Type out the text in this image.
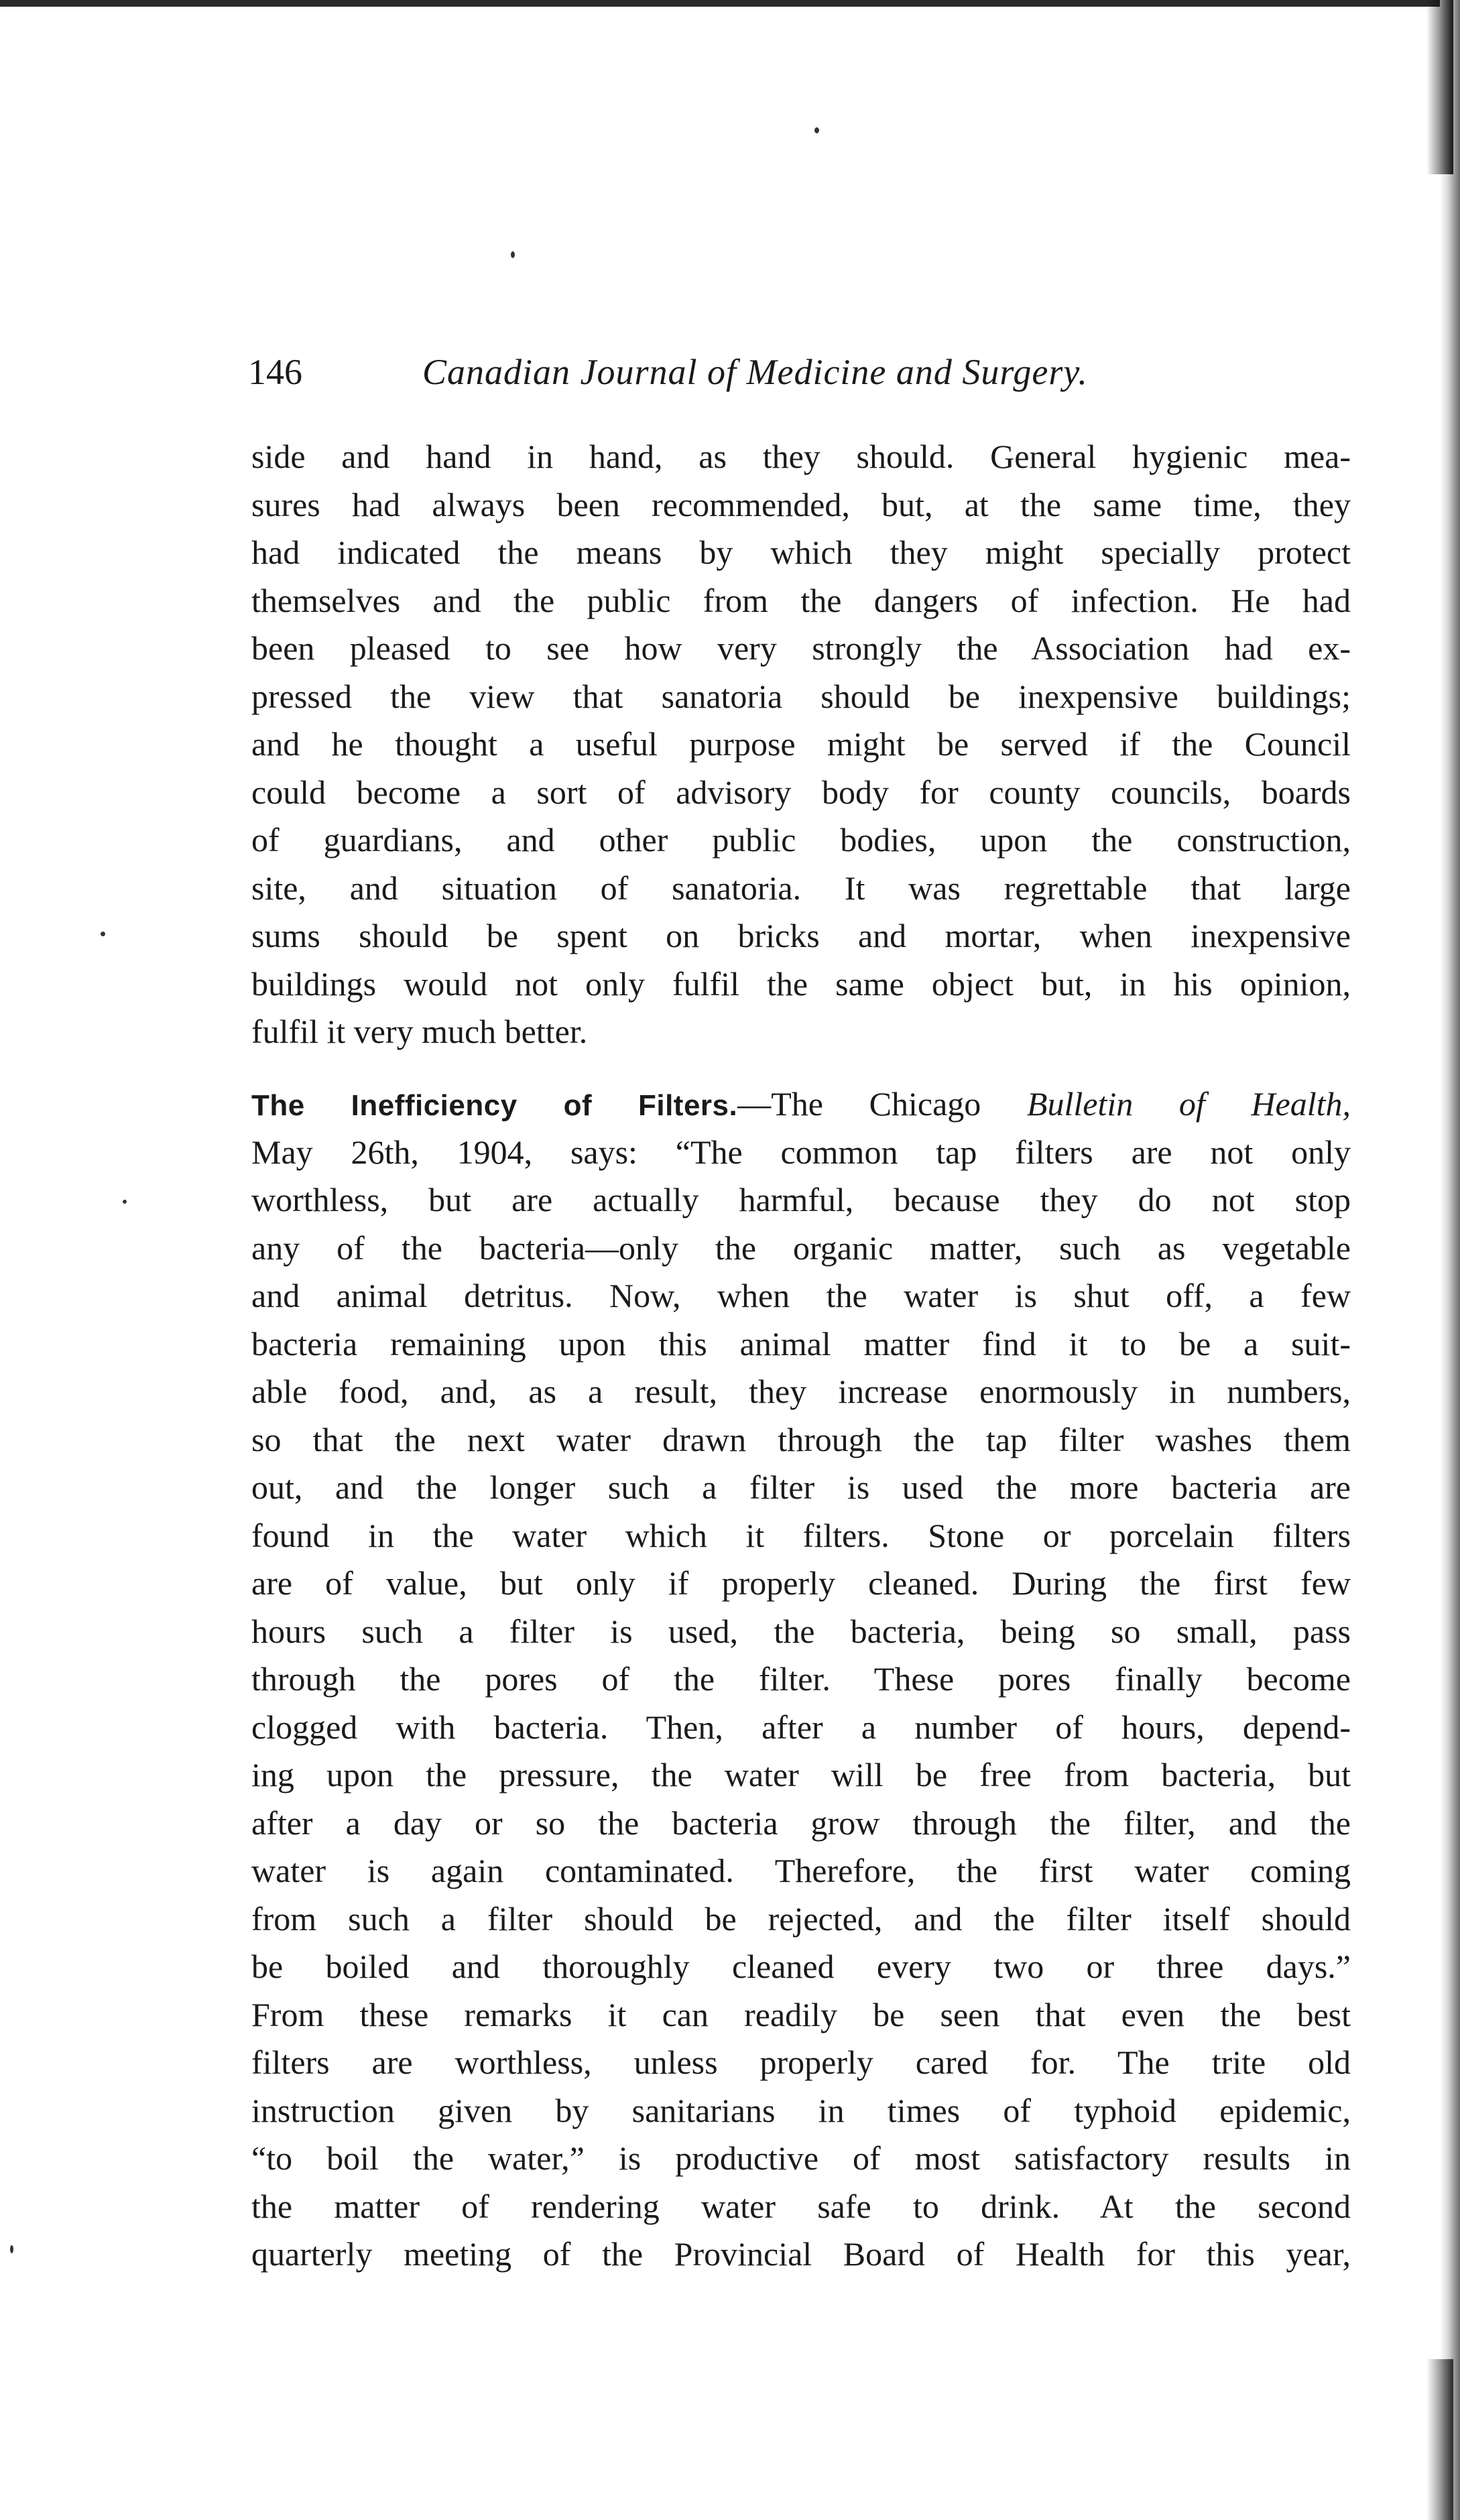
146	Canadian Journal of Medicine and Surgery.
side and hand in hand, as they should. General hygienic mea-
sures had always been recommended, but, at the same time, they
had indicated the means by which they might specially protect
themselves and the public from the dangers of infection. He had
been pleased to see how very strongly the Association had ex-
pressed the view that sanatoria should be inexpensive buildings;
and he thought a useful purpose might be served if the Council
could become a sort of advisory body for county councils, boards
of guardians, and other public bodies, upon the construction,
site, and situation of sanatoria. It was regrettable that large
sums should be spent on bricks and mortar, when inexpensive
buildings would not only fulfil the same object but, in his opinion,
fulfil it very much better.
The Inefficiency of Filters.—The Chicago Bulletin of Health,
May 26th, 1904, says: “The common tap filters are not only
worthless, but are actually harmful, because they do not stop
any of the bacteria—only the organic matter, such as vegetable
and animal detritus. Now, when the water is shut off, a few
bacteria remaining upon this animal matter find it to be a suit-
able food, and, as a result, they increase enormously in numbers,
so that the next water drawn through the tap filter washes them
out, and the longer such a filter is used the more bacteria are
found in the water which it filters. Stone or porcelain filters
are of value, but only if properly cleaned. During the first few
hours such a filter is used, the bacteria, being so small, pass
through the pores of the filter. These pores finally become
clogged with bacteria. Then, after a number of hours, depend-
ing upon the pressure, the water will be free from bacteria, but
after a day or so the bacteria grow through the filter, and the
water is again contaminated. Therefore, the first water coming
from such a filter should be rejected, and the filter itself should
be boiled and thoroughly cleaned every two or three days.”
From these remarks it can readily be seen that even the best
filters are worthless, unless properly cared for. The trite old
instruction given by sanitarians in times of typhoid epidemic,
“to boil the water,” is productive of most satisfactory results in
the matter of rendering water safe to drink. At the second
quarterly meeting of the Provincial Board of Health for this year,
